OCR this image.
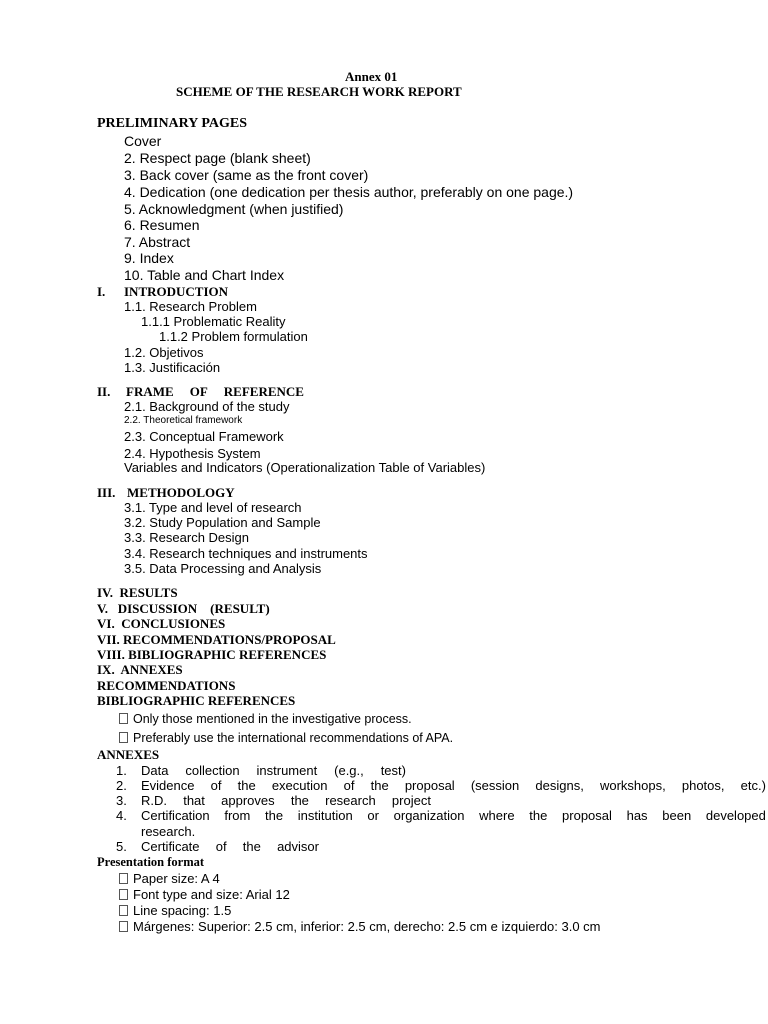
Annex 01
SCHEME OF THE RESEARCH WORK REPORT
PRELIMINARY PAGES
Cover
2. Respect page (blank sheet)
3. Back cover (same as the front cover)
4. Dedication (one dedication per thesis author, preferably on one page.)
5. Acknowledgment (when justified)
6. Resumen
7. Abstract
9. Index
10. Table and Chart Index
I. INTRODUCTION
1.1. Research Problem
1.1.1 Problematic Reality
1.1.2 Problem formulation
1.2. Objetivos
1.3. Justificación
II. FRAME OF REFERENCE
2.1. Background of the study
2.2. Theoretical framework
2.3. Conceptual Framework
2.4. Hypothesis System
Variables and Indicators (Operationalization Table of Variables)
III. METHODOLOGY
3.1. Type and level of research
3.2. Study Population and Sample
3.3. Research Design
3.4. Research techniques and instruments
3.5. Data Processing and Analysis
IV.  RESULTS
V.   DISCUSSION    (RESULT)
VI.  CONCLUSIONES
VII. RECOMMENDATIONS/PROPOSAL
VIII. BIBLIOGRAPHIC REFERENCES
IX.  ANNEXES
RECOMMENDATIONS
BIBLIOGRAPHIC REFERENCES
Only those mentioned in the investigative process.
Preferably use the international recommendations of APA.
ANNEXES
1. Data collection instrument (e.g., test)
2. Evidence of the execution of the proposal (session designs, workshops, photos, etc.)
3. R.D. that approves the research project
4. Certification from the institution or organization where the proposal has been developed
research.
5. Certificate of the advisor
Presentation format
Paper size: A 4
Font type and size: Arial 12
Line spacing: 1.5
Márgenes: Superior: 2.5 cm, inferior: 2.5 cm, derecho: 2.5 cm e izquierdo: 3.0 cm
